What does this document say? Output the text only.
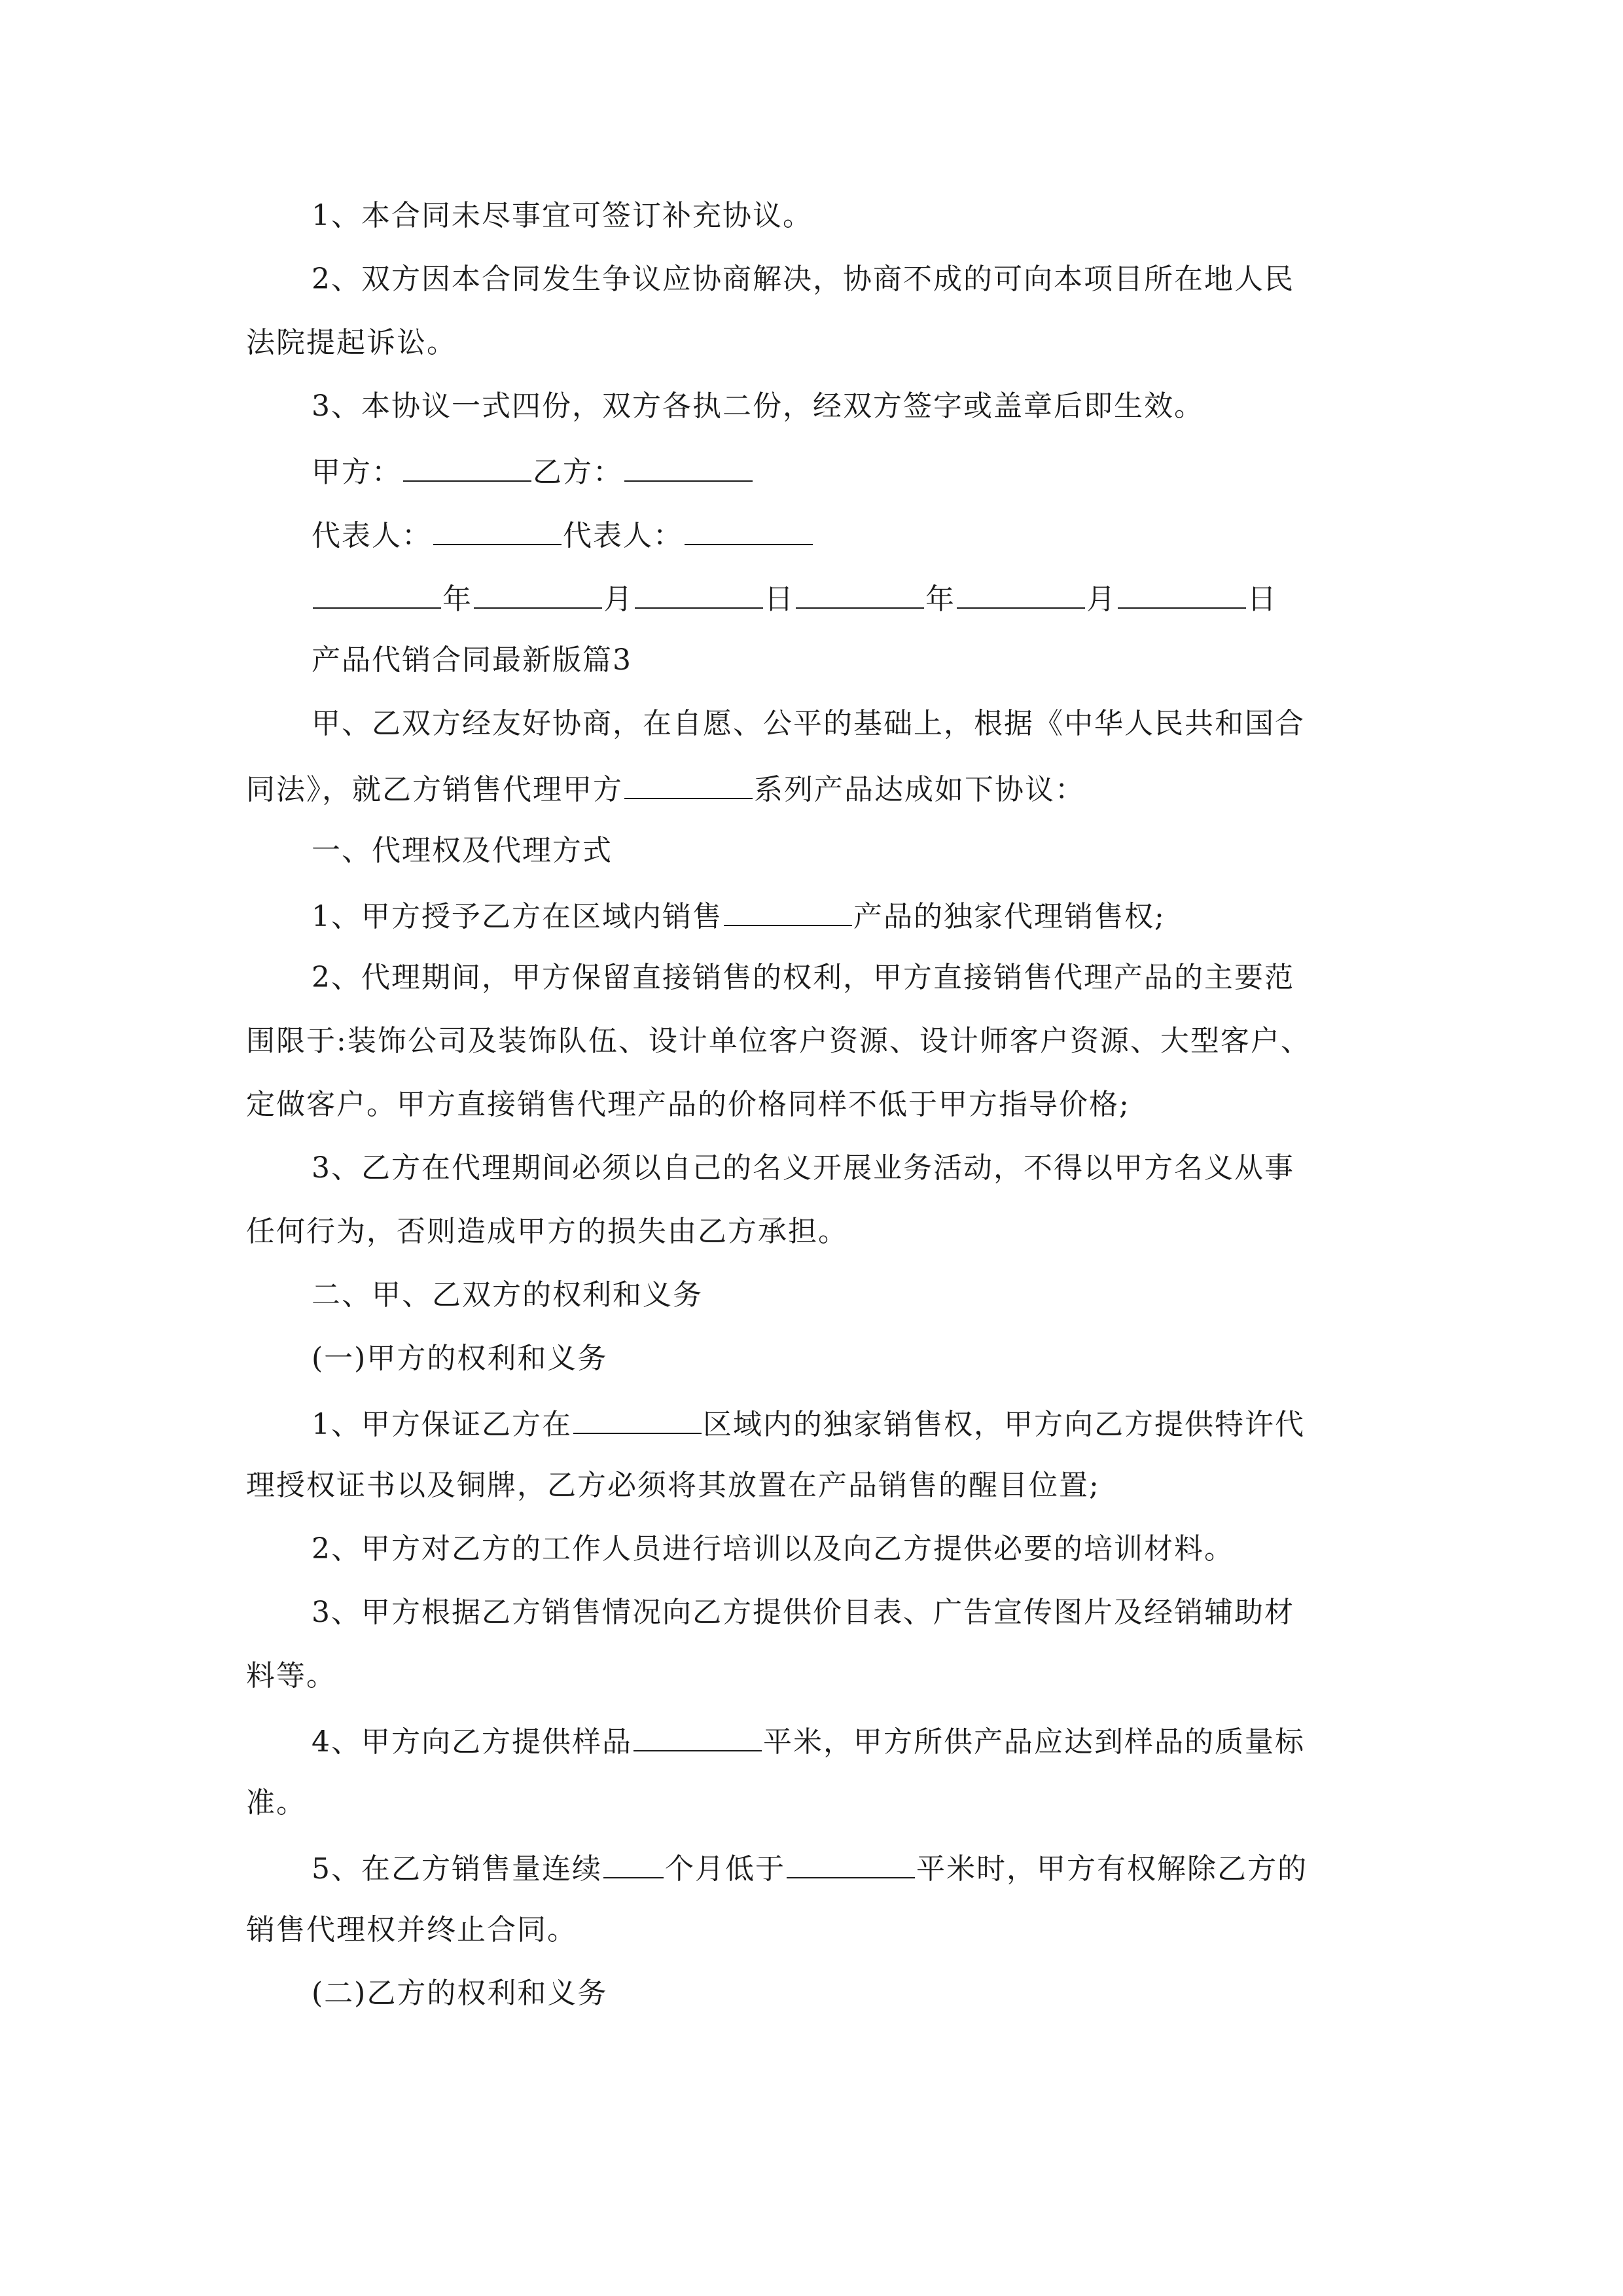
1、本合同未尽事宜可签订补充协议。
2、双方因本合同发生争议应协商解决，协商不成的可向本项目所在地人民
法院提起诉讼。
3、本协议一式四份，双方各执二份，经双方签字或盖章后即生效。
甲方：	乙方：
代表人：	代表人：
年	月	日	年	月	日
产品代销合同最新版篇3
甲、乙双方经友好协商，在自愿、公平的基础上，根据《中华人民共和国合
同法》，就乙方销售代理甲方	系列产品达成如下协议：
一、代理权及代理方式
1、甲方授予乙方在区域内销售	产品的独家代理销售权;
2、代理期间，甲方保留直接销售的权利，甲方直接销售代理产品的主要范
围限于:装饰公司及装饰队伍、设计单位客户资源、设计师客户资源、大型客户、
定做客户。甲方直接销售代理产品的价格同样不低于甲方指导价格;
3、乙方在代理期间必须以自己的名义开展业务活动，不得以甲方名义从事
任何行为，否则造成甲方的损失由乙方承担。
二、甲、乙双方的权利和义务
(一)甲方的权利和义务
1、甲方保证乙方在	区域内的独家销售权，甲方向乙方提供特许代
理授权证书以及铜牌，乙方必须将其放置在产品销售的醒目位置;
2、甲方对乙方的工作人员进行培训以及向乙方提供必要的培训材料。
3、甲方根据乙方销售情况向乙方提供价目表、广告宣传图片及经销辅助材
料等。
4、甲方向乙方提供样品	平米，甲方所供产品应达到样品的质量标
准。
5、在乙方销售量连续 个月低于	平米时，甲方有权解除乙方的
销售代理权并终止合同。
(二)乙方的权利和义务
